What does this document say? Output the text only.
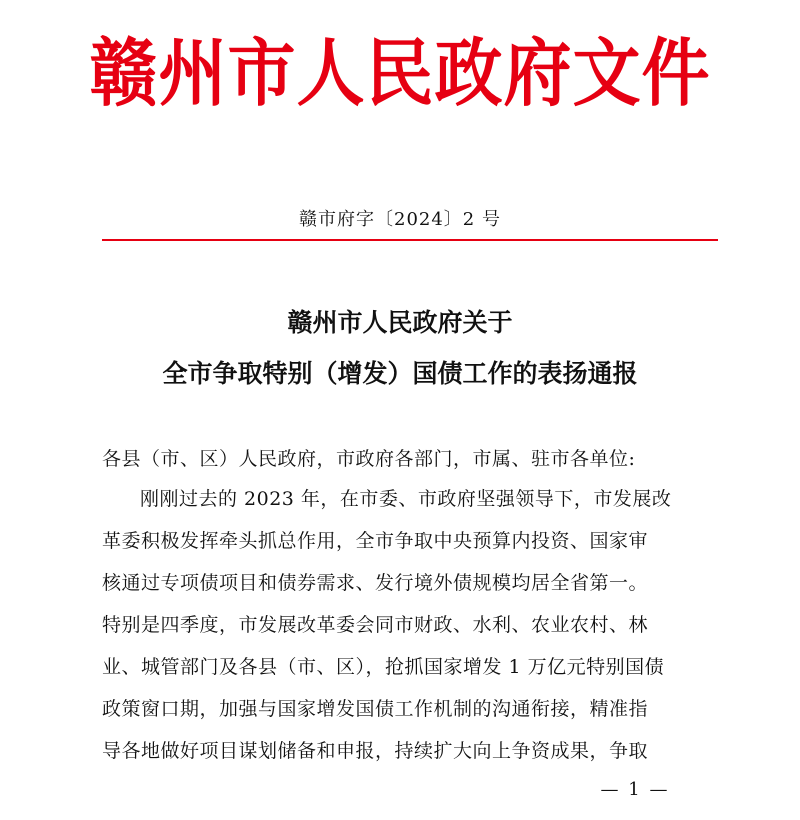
赣州市人民政府文件
赣市府字〔2024〕2 号
赣州市人民政府关于
全市争取特别（增发）国债工作的表扬通报
各县（市、区）人民政府，市政府各部门，市属、驻市各单位:
刚刚过去的 2023 年，在市委、市政府坚强领导下，市发展改
革委积极发挥牵头抓总作用，全市争取中央预算内投资、国家审
核通过专项债项目和债券需求、发行境外债规模均居全省第一。
特别是四季度，市发展改革委会同市财政、水利、农业农村、林
业、城管部门及各县（市、区），抢抓国家增发 1 万亿元特别国债
政策窗口期，加强与国家增发国债工作机制的沟通衔接，精准指
导各地做好项目谋划储备和申报，持续扩大向上争资成果，争取
— 1 —
